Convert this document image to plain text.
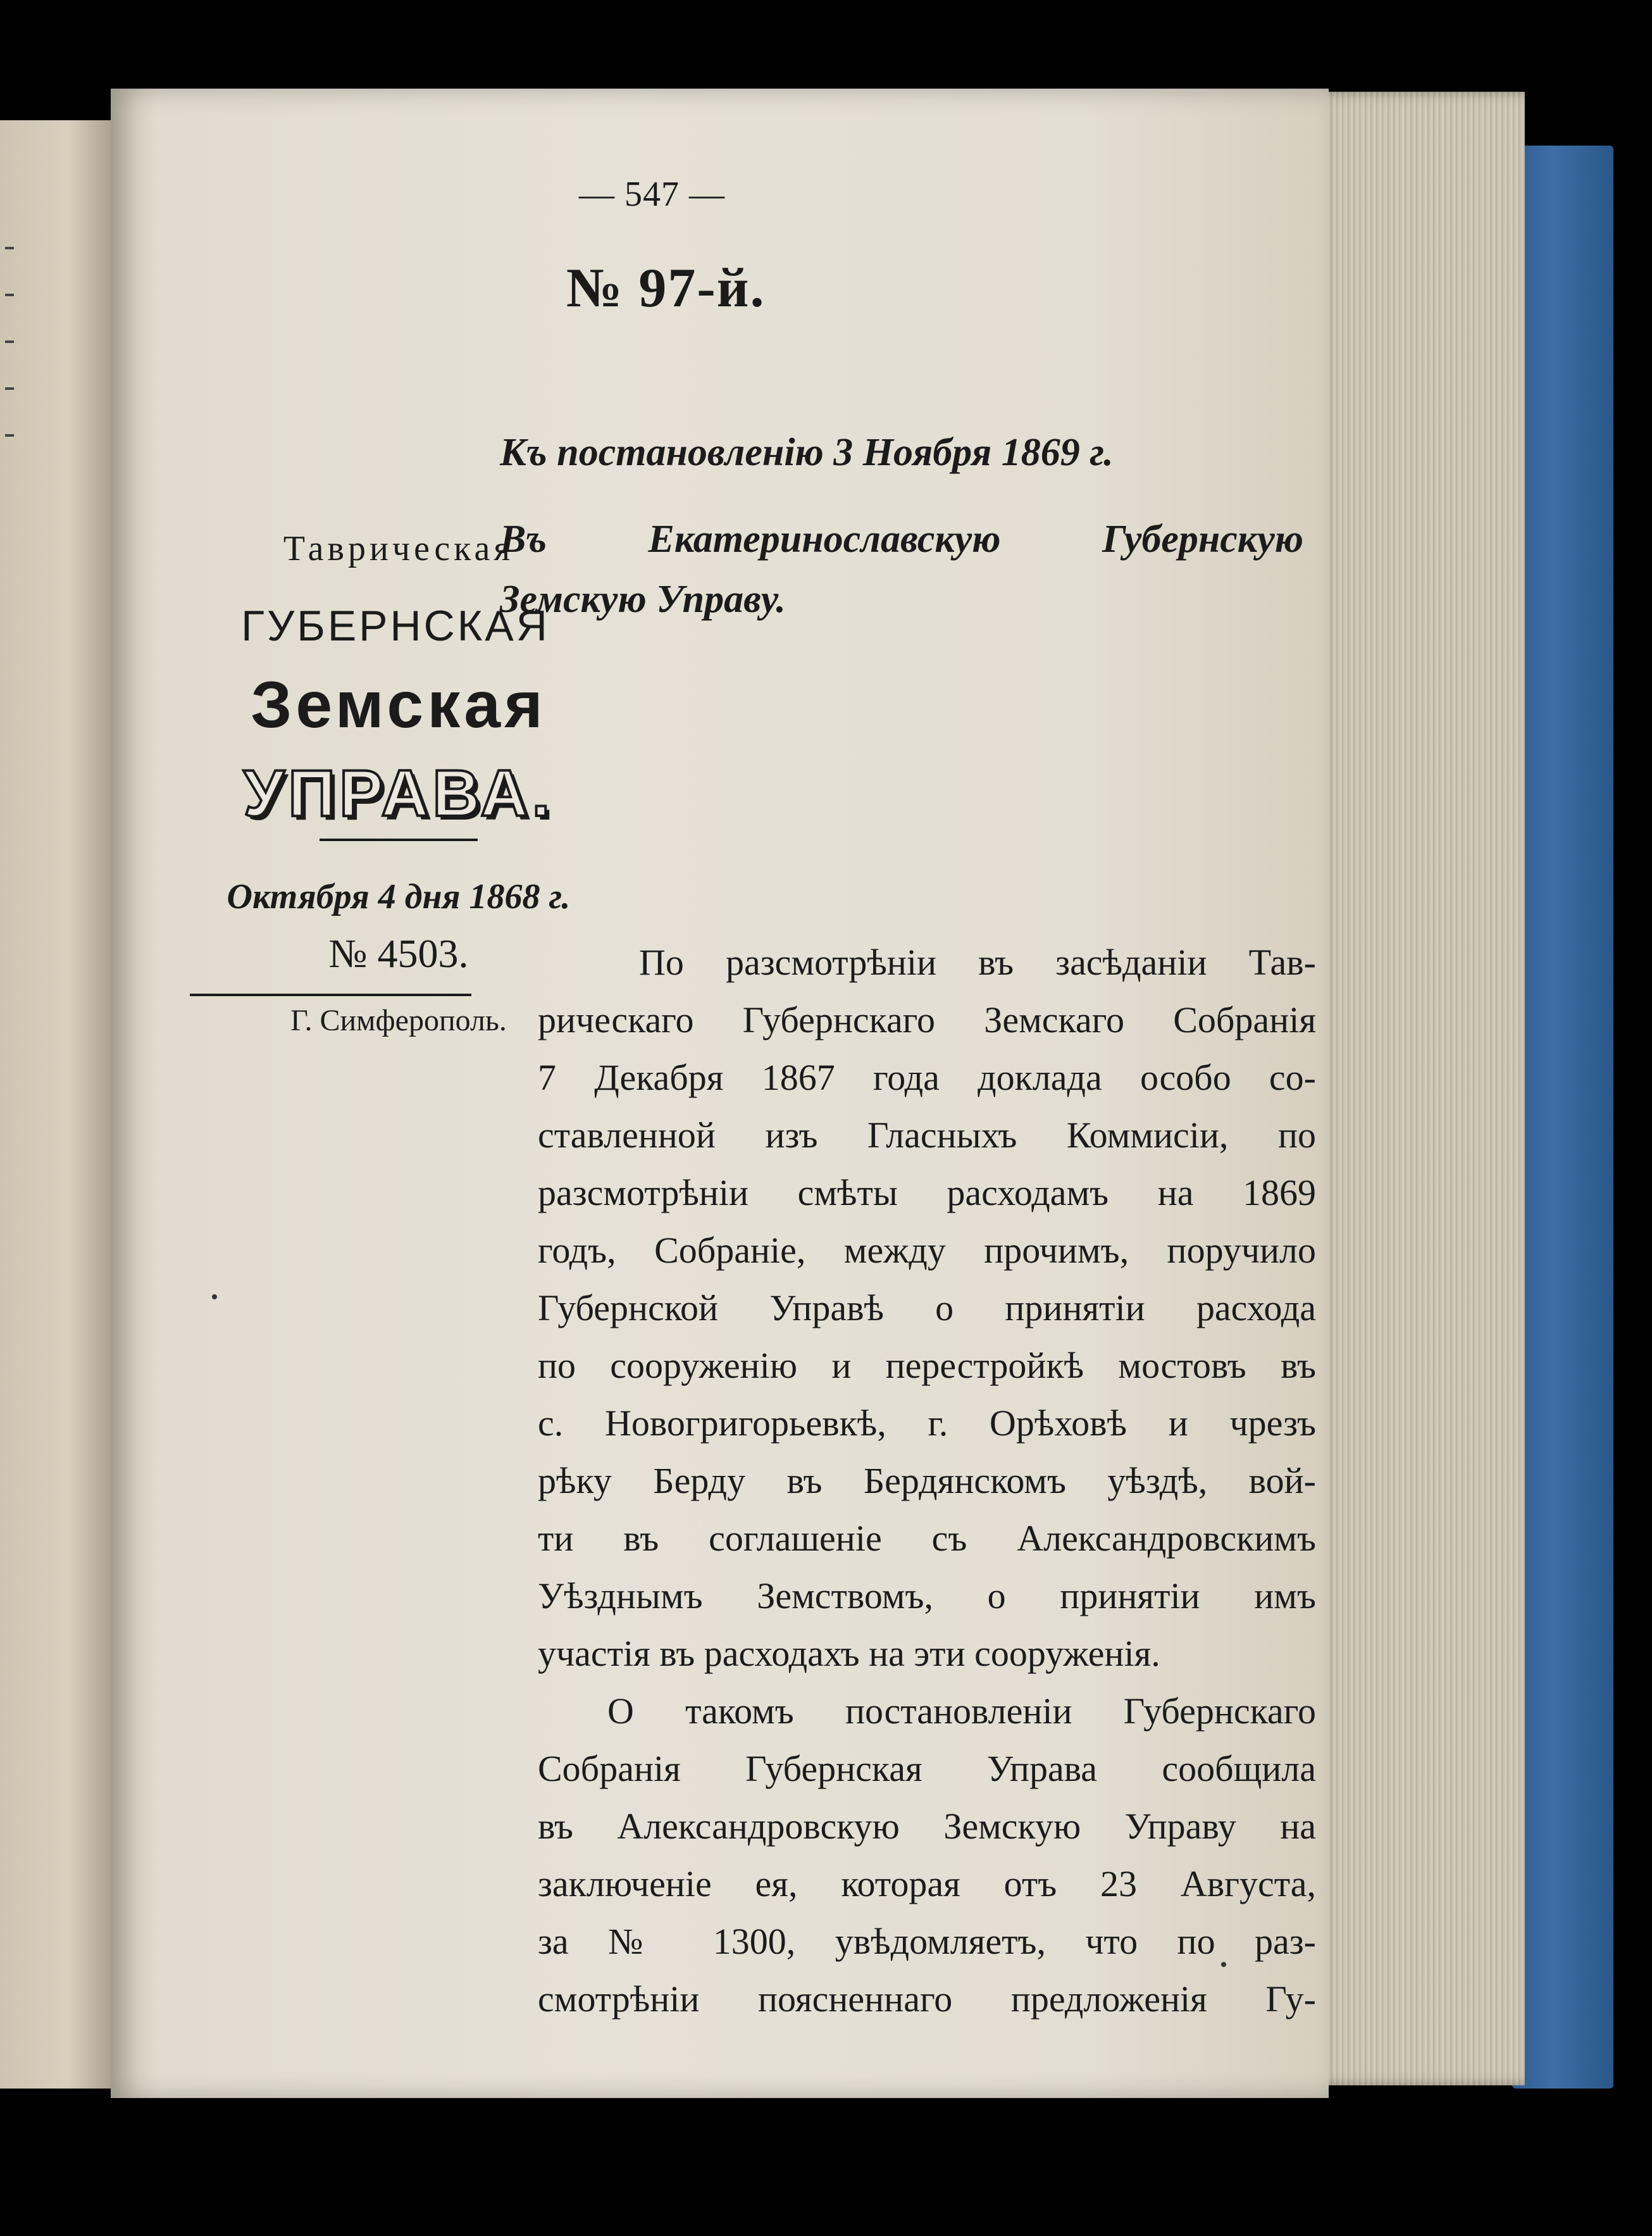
— 547 —
№ 97-й.
Къ постановленію 3 Ноября 1869 г.
Въ Екатеринославскую Губернскую
Земскую Управу.
Таврическая
ГУБЕРНСКАЯ
Земская
УПРАВА.
Октября 4 дня 1868 г.
№ 4503.
Г. Симферополь.

По разсмотрѣніи въ засѣданіи Тав-
рическаго Губернскаго Земскаго Собранія
7 Декабря 1867 года доклада особо со-
ставленной изъ Гласныхъ Коммисіи, по
разсмотрѣніи смѣты расходамъ на 1869
годъ, Собраніе, между прочимъ, поручило
Губернской Управѣ о принятіи расхода
по сооруженію и перестройкѣ мостовъ въ
с. Новогригорьевкѣ, г. Орѣховѣ и чрезъ
рѣку Берду въ Бердянскомъ уѣздѣ, вой-
ти въ соглашеніе съ Александровскимъ
Уѣзднымъ Земствомъ, о принятіи имъ
участія въ расходахъ на эти сооруженія.

О такомъ постановленіи Губернскаго
Собранія Губернская Управа сообщила
въ Александровскую Земскую Управу на
заключеніе ея, которая отъ 23 Августа,
за № 1300, увѣдомляетъ, что по раз-
смотрѣніи поясненнаго предложенія Гу-
